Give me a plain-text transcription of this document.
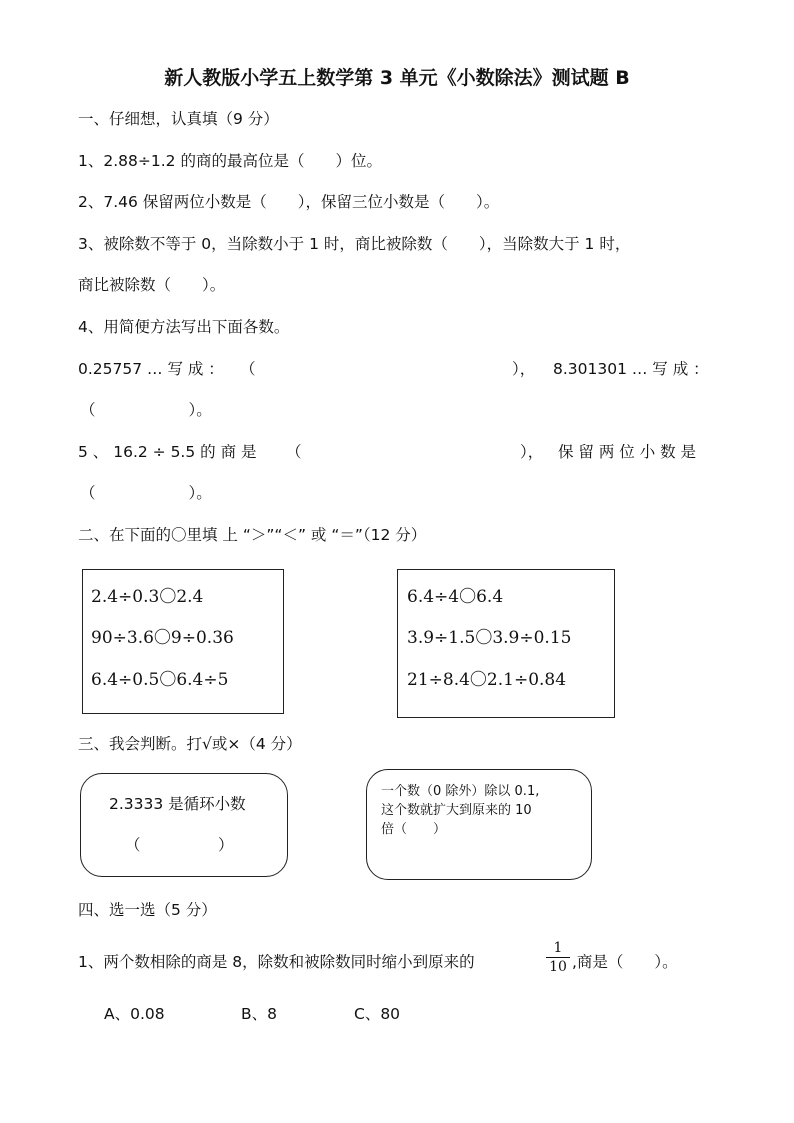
新人教版小学五上数学第 3 单元《小数除法》测试题 B
一、仔细想，认真填（9 分）
1、2.88÷1.2 的商的最高位是（　　）位。
2、7.46 保留两位小数是（　　），保留三位小数是（　　）。
3、被除数不等于 0，当除数小于 1 时，商比被除数（　　），当除数大于 1 时，
商比被除数（　　）。
4、用简便方法写出下面各数。
0.25757 … 写 成 ： （	）， 8.301301 … 写 成 ：
（　　　　　　）。
5 、 16.2 ÷ 5.5 的 商 是 （	）， 保 留 两 位 小 数 是
（　　　　　　）。
二、在下面的〇里填 上 “＞”“＜” 或 “＝”（12 分）
2.4÷0.3〇2.4
90÷3.6〇9÷0.36
6.4÷0.5〇6.4÷5
6.4÷4〇6.4
3.9÷1.5〇3.9÷0.15
21÷8.4〇2.1÷0.84
三、我会判断。打√或×（4 分）
2.3333 是循环小数
（　　　　　）
一个数（0 除外）除以 0.1,
这个数就扩大到原来的 10
倍（　　）
四、选一选（5 分）
1、两个数相除的商是 8，除数和被除数同时缩小到原来的
1
10 ,商是（　　）。
A、0.08	B、8	C、80
